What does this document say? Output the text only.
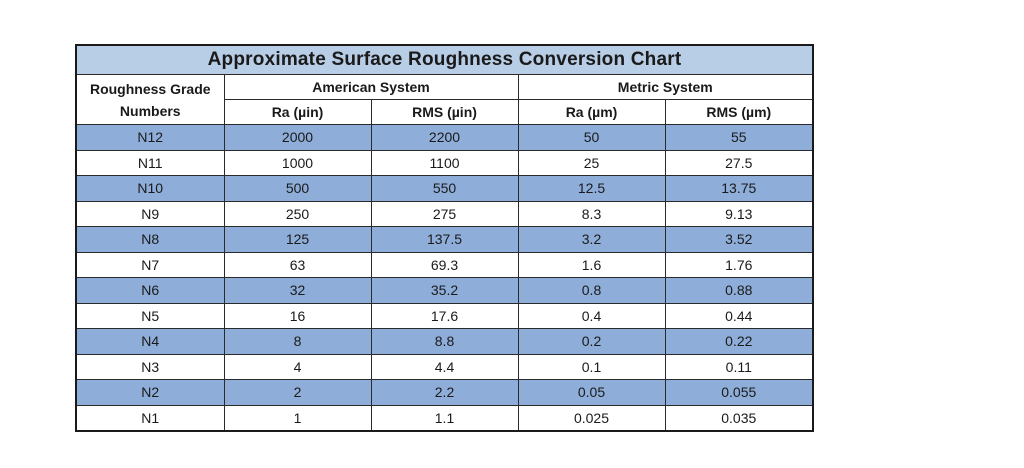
Approximate Surface Roughness Conversion Chart				
Roughness Grade
Numbers	American System		Metric System	
	Ra (µin)	RMS (µin)	Ra (µm)	RMS (µm)
N12	2000	2200	50	55
N11	1000	1100	25	27.5
N10	500	550	12.5	13.75
N9	250	275	8.3	9.13
N8	125	137.5	3.2	3.52
N7	63	69.3	1.6	1.76
N6	32	35.2	0.8	0.88
N5	16	17.6	0.4	0.44
N4	8	8.8	0.2	0.22
N3	4	4.4	0.1	0.11
N2	2	2.2	0.05	0.055
N1	1	1.1	0.025	0.035
